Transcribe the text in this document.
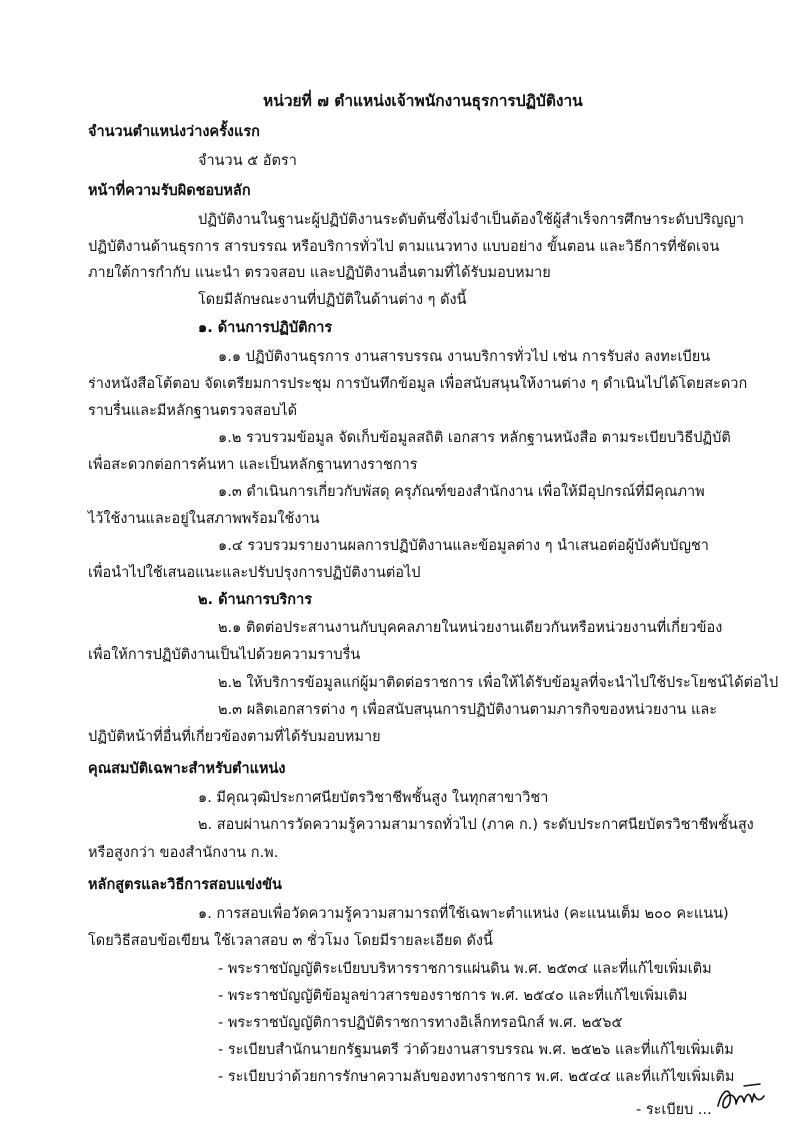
หน่วยที่ ๗ ตำแหน่งเจ้าพนักงานธุรการปฏิบัติงาน
จำนวนตำแหน่งว่างครั้งแรก
จำนวน ๕ อัตรา
หน้าที่ความรับผิดชอบหลัก
ปฏิบัติงานในฐานะผู้ปฏิบัติงานระดับต้นซึ่งไม่จำเป็นต้องใช้ผู้สำเร็จการศึกษาระดับปริญญา
ปฏิบัติงานด้านธุรการ สารบรรณ หรือบริการทั่วไป ตามแนวทาง แบบอย่าง ขั้นตอน และวิธีการที่ชัดเจน
ภายใต้การกำกับ แนะนำ ตรวจสอบ และปฏิบัติงานอื่นตามที่ได้รับมอบหมาย
โดยมีลักษณะงานที่ปฏิบัติในด้านต่าง ๆ ดังนี้
๑. ด้านการปฏิบัติการ
๑.๑ ปฏิบัติงานธุรการ งานสารบรรณ งานบริการทั่วไป เช่น การรับส่ง ลงทะเบียน
ร่างหนังสือโต้ตอบ จัดเตรียมการประชุม การบันทึกข้อมูล เพื่อสนับสนุนให้งานต่าง ๆ ดำเนินไปได้โดยสะดวก
ราบรื่นและมีหลักฐานตรวจสอบได้
๑.๒ รวบรวมข้อมูล จัดเก็บข้อมูลสถิติ เอกสาร หลักฐานหนังสือ ตามระเบียบวิธีปฏิบัติ
เพื่อสะดวกต่อการค้นหา และเป็นหลักฐานทางราชการ
๑.๓ ดำเนินการเกี่ยวกับพัสดุ ครุภัณฑ์ของสำนักงาน เพื่อให้มีอุปกรณ์ที่มีคุณภาพ
ไว้ใช้งานและอยู่ในสภาพพร้อมใช้งาน
๑.๔ รวบรวมรายงานผลการปฏิบัติงานและข้อมูลต่าง ๆ นำเสนอต่อผู้บังคับบัญชา
เพื่อนำไปใช้เสนอแนะและปรับปรุงการปฏิบัติงานต่อไป
๒. ด้านการบริการ
๒.๑ ติดต่อประสานงานกับบุคคลภายในหน่วยงานเดียวกันหรือหน่วยงานที่เกี่ยวข้อง
เพื่อให้การปฏิบัติงานเป็นไปด้วยความราบรื่น
๒.๒ ให้บริการข้อมูลแก่ผู้มาติดต่อราชการ เพื่อให้ได้รับข้อมูลที่จะนำไปใช้ประโยชน์ได้ต่อไป
๒.๓ ผลิตเอกสารต่าง ๆ เพื่อสนับสนุนการปฏิบัติงานตามภารกิจของหน่วยงาน และ
ปฏิบัติหน้าที่อื่นที่เกี่ยวข้องตามที่ได้รับมอบหมาย
คุณสมบัติเฉพาะสำหรับตำแหน่ง
๑. มีคุณวุฒิประกาศนียบัตรวิชาชีพชั้นสูง ในทุกสาขาวิชา
๒. สอบผ่านการวัดความรู้ความสามารถทั่วไป (ภาค ก.) ระดับประกาศนียบัตรวิชาชีพชั้นสูง
หรือสูงกว่า ของสำนักงาน ก.พ.
หลักสูตรและวิธีการสอบแข่งขัน
๑. การสอบเพื่อวัดความรู้ความสามารถที่ใช้เฉพาะตำแหน่ง (คะแนนเต็ม ๒๐๐ คะแนน)
โดยวิธีสอบข้อเขียน ใช้เวลาสอบ ๓ ชั่วโมง โดยมีรายละเอียด ดังนี้
- พระราชบัญญัติระเบียบบริหารราชการแผ่นดิน พ.ศ. ๒๕๓๔ และที่แก้ไขเพิ่มเติม
- พระราชบัญญัติข้อมูลข่าวสารของราชการ พ.ศ. ๒๕๔๐ และที่แก้ไขเพิ่มเติม
- พระราชบัญญัติการปฏิบัติราชการทางอิเล็กทรอนิกส์ พ.ศ. ๒๕๖๕
- ระเบียบสำนักนายกรัฐมนตรี ว่าด้วยงานสารบรรณ พ.ศ. ๒๕๒๖ และที่แก้ไขเพิ่มเติม
- ระเบียบว่าด้วยการรักษาความลับของทางราชการ พ.ศ. ๒๕๔๔ และที่แก้ไขเพิ่มเติม
- ระเบียบ ...
